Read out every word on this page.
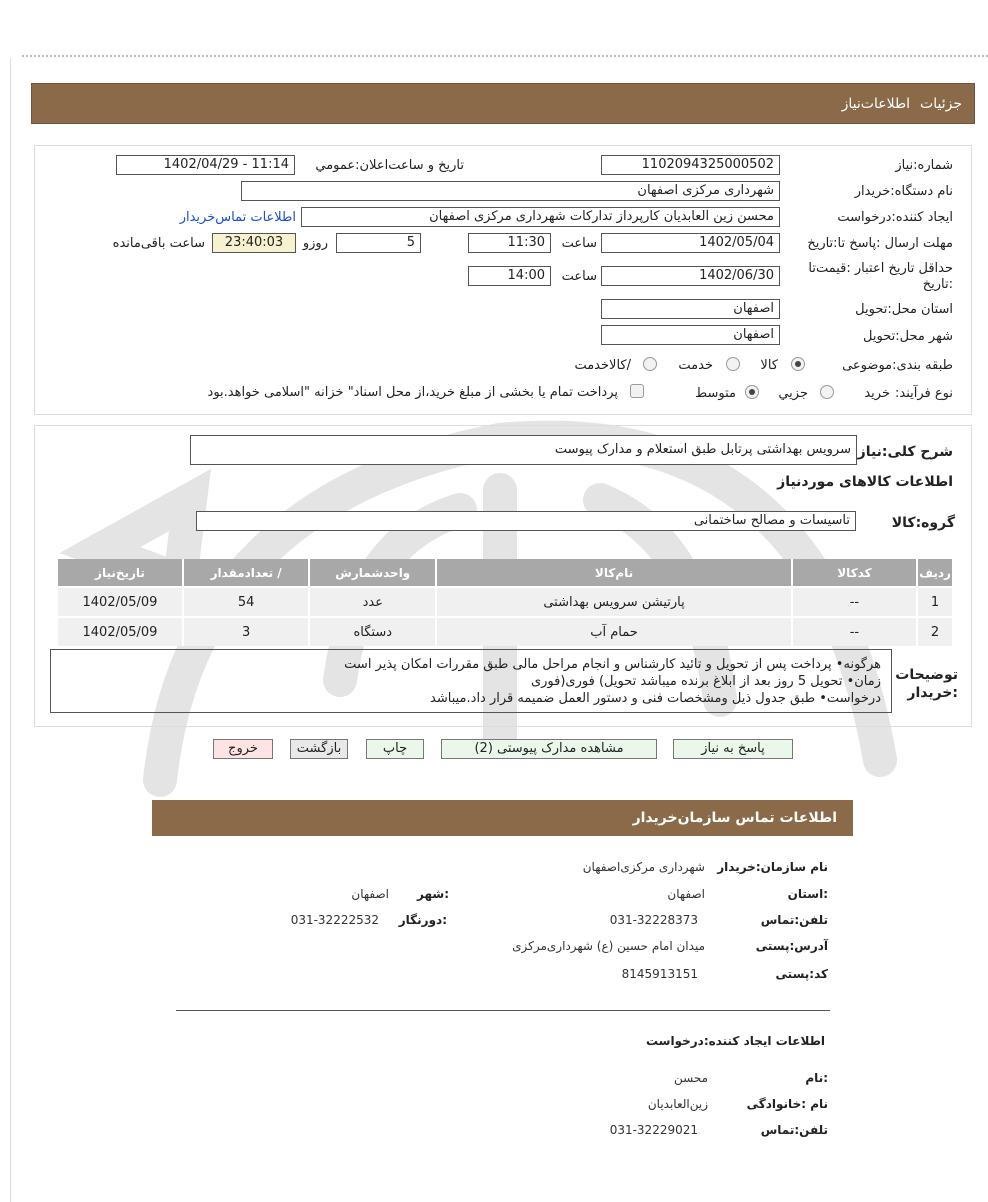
جزئیات
اطلاعات‌نیاز
شماره:نیاز
1102094325000502
تاریخ و ساعت‌اعلان:عمومي
1402/04/29 - 11:14
نام دستگاه:خریدار
شهرداری مرکزی اصفهان
ایجاد کننده:درخواست
محسن زین العابدیان کارپرداز تدارکات شهرداری مرکزی اصفهان
اطلاعات تماس‌خریدار
مهلت ارسال :پاسخ تا:تاریخ
1402/05/04
ساعت
11:30
5
روزو
23:40:03
ساعت باقی‌مانده
حداقل تاریخ اعتبار :قیمت‌تا
:تاریخ
1402/06/30
ساعت
14:00
استان محل:تحویل
اصفهان
شهر محل:تحویل
اصفهان
طبقه بندی:موضوعی
کالا
خدمت
/کالاخدمت
نوع فرآیند:
خرید
جزیي
متوسط
پرداخت تمام یا بخشی از مبلغ خرید،از محل اسناد" خزانه "اسلامی خواهد.بود
شرح کلی:نیاز
سرویس بهداشتی پرتابل طبق استعلام و مدارک پیوست
اطلاعات کالاهای موردنیاز
گروه:کالا
تاسیسات و مصالح ساختمانی
ردیف	کدکالا	نام‌کالا	واحدشمارش	/ تعدادمقدار	تاریخ‌نیاز
1	--	پارتیشن سرویس بهداشتی	عدد	54	1402/05/09
2	--	حمام آب	دستگاه	3	1402/05/09
توضیحات
:خریدار
هرگونه• پرداخت پس از تحویل و تائید کارشناس و انجام مراحل مالی طبق مقررات امکان پذیر است
زمان• تحویل 5 روز بعد از ابلاغ برنده میباشد تحویل) فوری(فوری
درخواست• طبق جدول ذیل ومشخصات فنی و دستور العمل ضمیمه قرار داد.میباشد
پاسخ به نیاز
مشاهده مدارک پیوستی (2)
چاپ
بازگشت
خروج
اطلاعات تماس سازمان‌خریدار
نام سازمان:خریدار
شهرداری مرکزی‌اصفهان
:استان
اصفهان
:شهر
اصفهان
تلفن:تماس
031-32228373
:دورنگار
031-32222532
آدرس:پستی
میدان امام حسین (ع) شهرداری‌مرکزی
کد:پستی
8145913151
اطلاعات ایجاد کننده:درخواست
:نام
محسن
نام :خانوادگی
زین‌العابدیان
تلفن:تماس
031-32229021
